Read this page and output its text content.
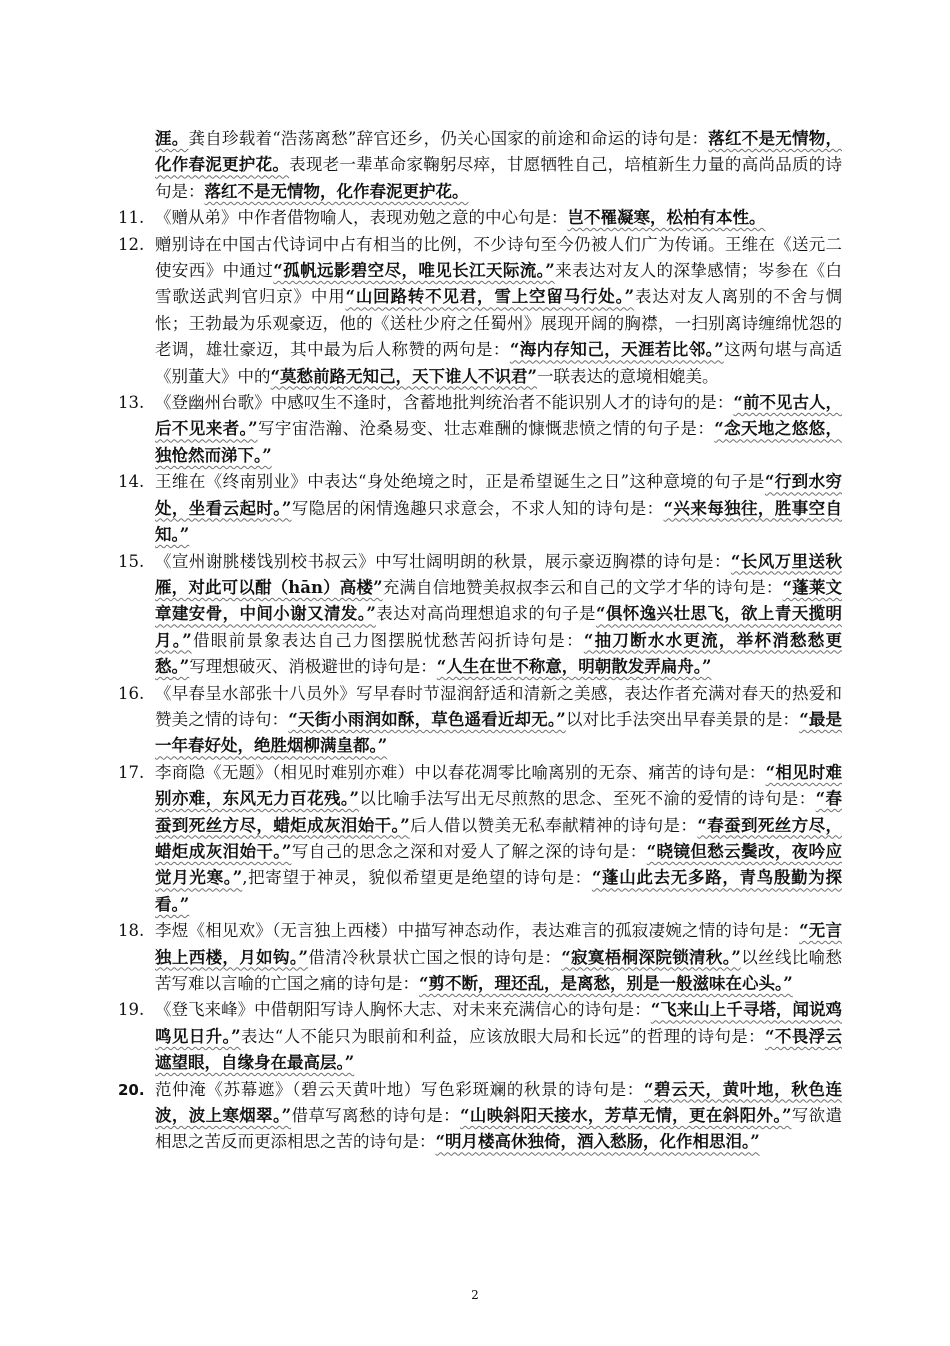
涯。龚自珍载着“浩荡离愁”辞官还乡，仍关心国家的前途和命运的诗句是：落红不是无情物，化作春泥更护花。表现老一辈革命家鞠躬尽瘁，甘愿牺牲自己，培植新生力量的高尚品质的诗句是：落红不是无情物，化作春泥更护花。
11. 《赠从弟》中作者借物喻人，表现劝勉之意的中心句是：岂不罹凝寒，松柏有本性。
12. 赠别诗在中国古代诗词中占有相当的比例，不少诗句至今仍被人们广为传诵。王维在《送元二使安西》中通过“孤帆远影碧空尽，唯见长江天际流。”来表达对友人的深挚感情；岑参在《白雪歌送武判官归京》中用“山回路转不见君，雪上空留马行处。”表达对友人离别的不舍与惆怅；王勃最为乐观豪迈，他的《送杜少府之任蜀州》展现开阔的胸襟，一扫别离诗缠绵忧怨的老调，雄壮豪迈，其中最为后人称赞的两句是：“海内存知己，天涯若比邻。”这两句堪与高适《别董大》中的“莫愁前路无知己，天下谁人不识君”一联表达的意境相媲美。
13. 《登幽州台歌》中感叹生不逢时，含蓄地批判统治者不能识别人才的诗句的是：“前不见古人，后不见来者。”写宇宙浩瀚、沧桑易变、壮志难酬的慷慨悲愤之情的句子是：“念天地之悠悠，独怆然而涕下。”
14. 王维在《终南别业》中表达“身处绝境之时，正是希望诞生之日”这种意境的句子是“行到水穷处，坐看云起时。”写隐居的闲情逸趣只求意会，不求人知的诗句是：“兴来每独往，胜事空自知。”
15. 《宣州谢朓楼饯别校书叔云》中写壮阔明朗的秋景，展示豪迈胸襟的诗句是：“长风万里送秋雁，对此可以酣（hān）高楼”充满自信地赞美叔叔李云和自己的文学才华的诗句是：“蓬莱文章建安骨，中间小谢又清发。”表达对高尚理想追求的句子是“俱怀逸兴壮思飞，欲上青天揽明月。”借眼前景象表达自己力图摆脱忧愁苦闷折诗句是：“抽刀断水水更流，举杯消愁愁更愁。”写理想破灭、消极避世的诗句是：“人生在世不称意，明朝散发弄扁舟。”
16. 《早春呈水部张十八员外》写早春时节湿润舒适和清新之美感，表达作者充满对春天的热爱和赞美之情的诗句：“天街小雨润如酥，草色遥看近却无。”以对比手法突出早春美景的是：“最是一年春好处，绝胜烟柳满皇都。”
17. 李商隐《无题》（相见时难别亦难）中以春花凋零比喻离别的无奈、痛苦的诗句是：“相见时难别亦难，东风无力百花残。”以比喻手法写出无尽煎熬的思念、至死不渝的爱情的诗句是：“春蚕到死丝方尽，蜡炬成灰泪始干。”后人借以赞美无私奉献精神的诗句是：“春蚕到死丝方尽，蜡炬成灰泪始干。”写自己的思念之深和对爱人了解之深的诗句是：“晓镜但愁云鬓改，夜吟应觉月光寒。”,把寄望于神灵，貌似希望更是绝望的诗句是：“蓬山此去无多路，青鸟殷勤为探看。”
18. 李煜《相见欢》（无言独上西楼）中描写神态动作，表达难言的孤寂凄婉之情的诗句是：“无言独上西楼，月如钩。”借清冷秋景状亡国之恨的诗句是：“寂寞梧桐深院锁清秋。”以丝线比喻愁苦写难以言喻的亡国之痛的诗句是：“剪不断，理还乱，是离愁，别是一般滋味在心头。”
19. 《登飞来峰》中借朝阳写诗人胸怀大志、对未来充满信心的诗句是：“飞来山上千寻塔，闻说鸡鸣见日升。”表达“人不能只为眼前和利益，应该放眼大局和长远”的哲理的诗句是：“不畏浮云遮望眼，自缘身在最高层。”
20. 范仲淹《苏幕遮》（碧云天黄叶地）写色彩斑斓的秋景的诗句是：“碧云天，黄叶地，秋色连波，波上寒烟翠。”借草写离愁的诗句是：“山映斜阳天接水，芳草无情，更在斜阳外。”写欲遣相思之苦反而更添相思之苦的诗句是：“明月楼高休独倚，酒入愁肠，化作相思泪。”
2
